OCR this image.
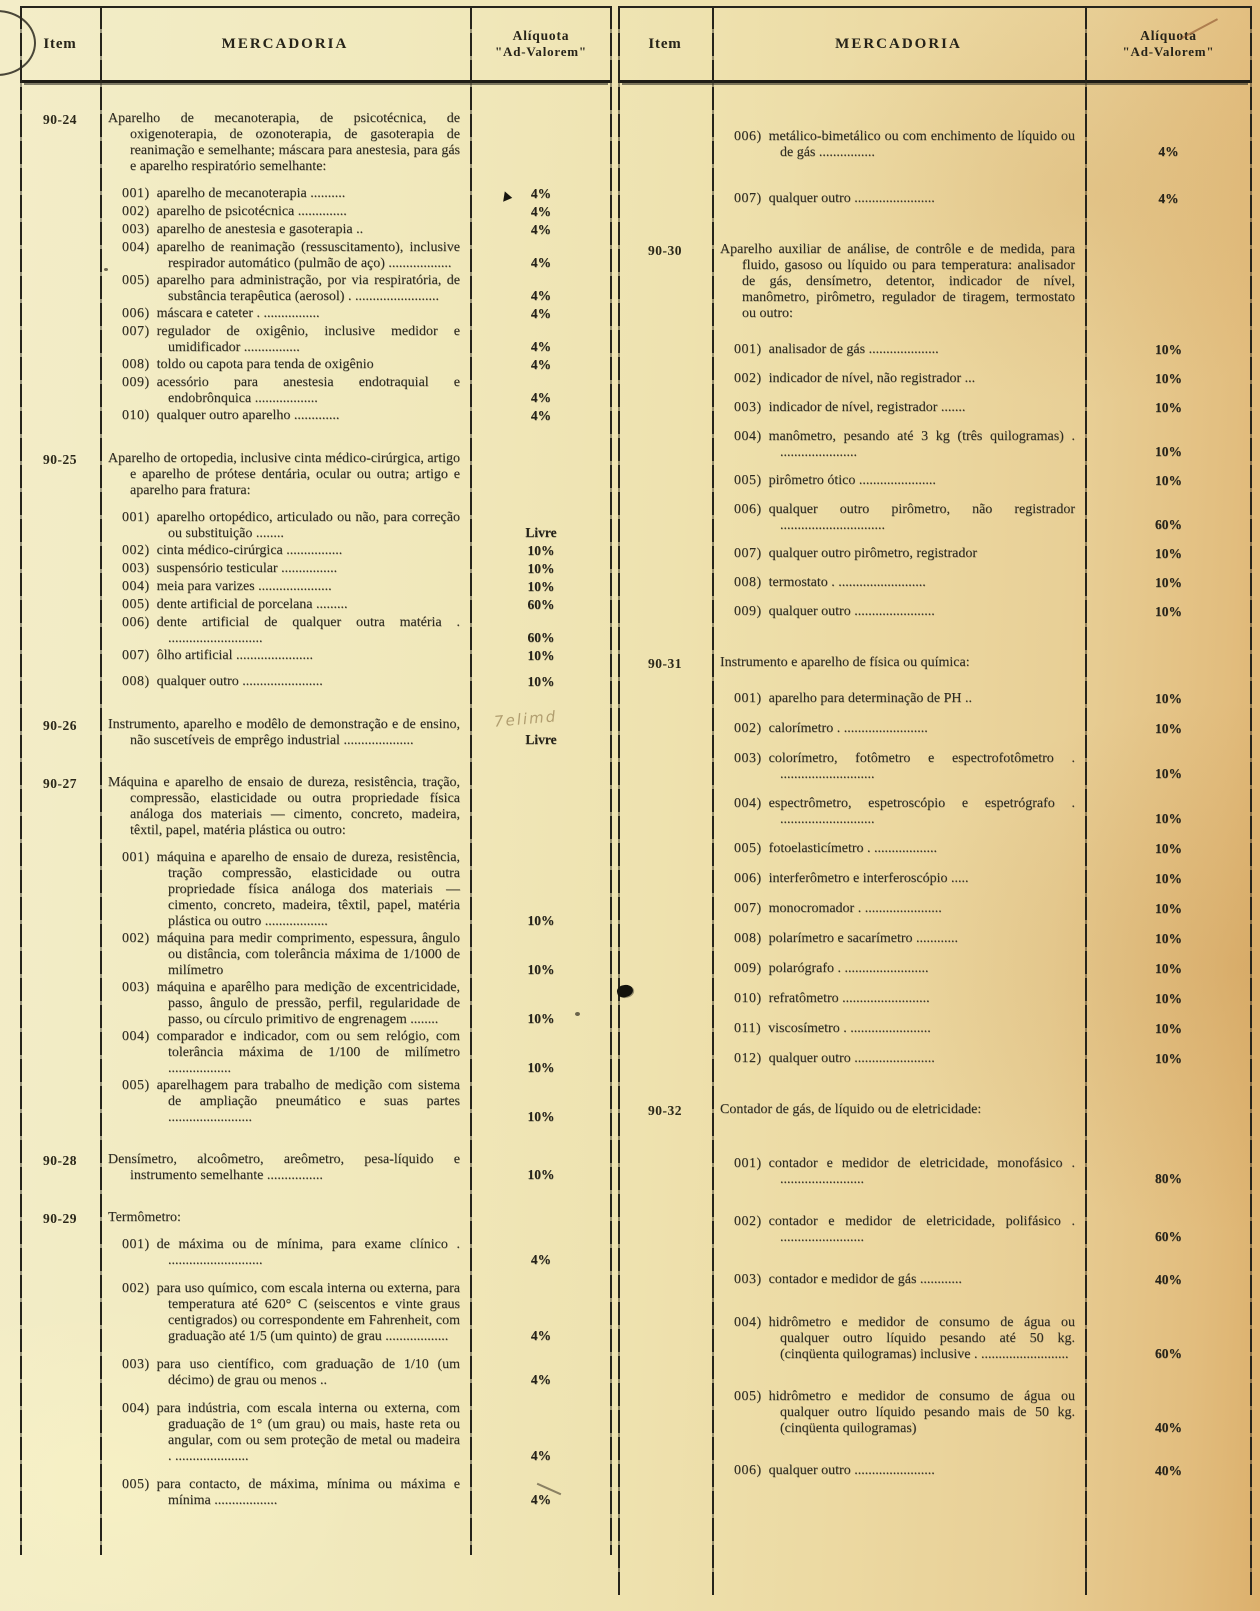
Item	MERCADORIA	Alíquota
"Ad-Valorem"
90-24	Aparelho de mecanoterapia, de psicotécnica, de oxigenoterapia, de ozonoterapia, de gasoterapia de reanimação e semelhante; máscara para anestesia, para gás e aparelho respiratório semelhante:
001) aparelho de mecanoterapia ..........	4%
002) aparelho de psicotécnica ..............	4%
003) aparelho de anestesia e gasoterapia ..	4%
004) aparelho de reanimação (ressuscitamento), inclusive respirador automático (pulmão de aço) ..................	4%
005) aparelho para administração, por via respiratória, de substância terapêutica (aerosol) . ........................	4%
006) máscara e cateter . ................	4%
007) regulador de oxigênio, inclusive medidor e umidificador ................	4%
008) toldo ou capota para tenda de oxigênio	4%
009) acessório para anestesia endotraquial e endobrônquica ..................	4%
010) qualquer outro aparelho .............	4%
90-25	Aparelho de ortopedia, inclusive cinta médico-cirúrgica, artigo e aparelho de prótese dentária, ocular ou outra; artigo e aparelho para fratura:
001) aparelho ortopédico, articulado ou não, para correção ou substituição ........	Livre
002) cinta médico-cirúrgica ................	10%
003) suspensório testicular ................	10%
004) meia para varizes .....................	10%
005) dente artificial de porcelana .........	60%
006) dente artificial de qualquer outra matéria . ...........................	60%
007) ôlho artificial ......................	10%
008) qualquer outro .......................	10%
90-26	Instrumento, aparelho e modêlo de demonstração e de ensino, não suscetíveis de emprêgo industrial ....................	Livre
90-27	Máquina e aparelho de ensaio de dureza, resistência, tração, compressão, elasticidade ou outra propriedade física análoga dos materiais — cimento, concreto, madeira, têxtil, papel, matéria plástica ou outro:
001) máquina e aparelho de ensaio de dureza, resistência, tração compressão, elasticidade ou outra propriedade física análoga dos materiais — cimento, concreto, madeira, têxtil, papel, matéria plástica ou outro ..................	10%
002) máquina para medir comprimento, espessura, ângulo ou distância, com tolerância máxima de 1/1000 de milímetro	10%
003) máquina e aparêlho para medição de excentricidade, passo, ângulo de pressão, perfil, regularidade de passo, ou círculo primitivo de engrenagem ........	10%
004) comparador e indicador, com ou sem relógio, com tolerância máxima de 1/100 de milímetro ..................	10%
005) aparelhagem para trabalho de medição com sistema de ampliação pneumático e suas partes ........................	10%
90-28	Densímetro, alcoômetro, areômetro, pesa-líquido e instrumento semelhante ................	10%
90-29	Termômetro:
001) de máxima ou de mínima, para exame clínico . ...........................	4%
002) para uso químico, com escala interna ou externa, para temperatura até 620° C (seiscentos e vinte graus centigrados) ou correspondente em Fahrenheit, com graduação até 1/5 (um quinto) de grau ..................	4%
003) para uso científico, com graduação de 1/10 (um décimo) de grau ou menos ..	4%
004) para indústria, com escala interna ou externa, com graduação de 1° (um grau) ou mais, haste reta ou angular, com ou sem proteção de metal ou madeira . .....................	4%
005) para contacto, de máxima, mínima ou máxima e mínima ..................	4%
Item	MERCADORIA	Alíquota
"Ad-Valorem"
006) metálico-bimetálico ou com enchimento de líquido ou de gás ................	4%
007) qualquer outro .......................	4%
90-30	Aparelho auxiliar de análise, de contrôle e de medida, para fluido, gasoso ou líquido ou para temperatura: analisador de gás, densímetro, detentor, indicador de nível, manômetro, pirômetro, regulador de tiragem, termostato ou outro:
001) analisador de gás ....................	10%
002) indicador de nível, não registrador ...	10%
003) indicador de nível, registrador .......	10%
004) manômetro, pesando até 3 kg (três quilogramas) . ......................	10%
005) pirômetro ótico ......................	10%
006) qualquer outro pirômetro, não registrador ..............................	60%
007) qualquer outro pirômetro, registrador	10%
008) termostato . .........................	10%
009) qualquer outro .......................	10%
90-31	Instrumento e aparelho de física ou química:
001) aparelho para determinação de PH ..	10%
002) calorímetro . ........................	10%
003) colorímetro, fotômetro e espectrofotômetro . ...........................	10%
004) espectrômetro, espetroscópio e espetrógrafo . ...........................	10%
005) fotoelasticímetro . ..................	10%
006) interferômetro e interferoscópio .....	10%
007) monocromador . ......................	10%
008) polarímetro e sacarímetro ............	10%
009) polarógrafo . ........................	10%
010) refratômetro .........................	10%
011) viscosímetro . .......................	10%
012) qualquer outro .......................	10%
90-32	Contador de gás, de líquido ou de eletricidade:
001) contador e medidor de eletricidade, monofásico . ........................	80%
002) contador e medidor de eletricidade, polifásico . ........................	60%
003) contador e medidor de gás ............	40%
004) hidrômetro e medidor de consumo de água ou qualquer outro líquido pesando até 50 kg. (cinqüenta quilogramas) inclusive . .........................	60%
005) hidrômetro e medidor de consumo de água ou qualquer outro líquido pesando mais de 50 kg. (cinqüenta quilogramas)	40%
006) qualquer outro .......................	40%
▶
7elimd
